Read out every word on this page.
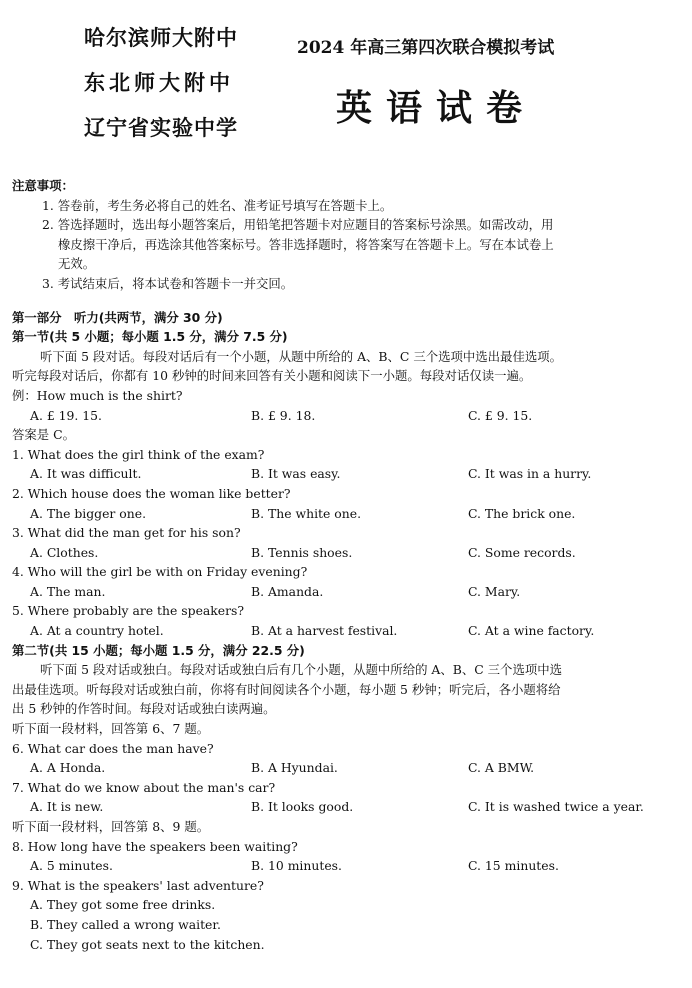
哈尔滨师大附中
东北师大附中
辽宁省实验中学
2024 年高三第四次联合模拟考试
英语试卷
注意事项：
1. 答卷前，考生务必将自己的姓名、准考证号填写在答题卡上。
2. 答选择题时，选出每小题答案后，用铅笔把答题卡对应题目的答案标号涂黑。如需改动，用
橡皮擦干净后，再选涂其他答案标号。答非选择题时，将答案写在答题卡上。写在本试卷上
无效。
3. 考试结束后，将本试卷和答题卡一并交回。
第一部分　听力(共两节，满分 30 分)
第一节(共 5 小题；每小题 1.5 分，满分 7.5 分)
听下面 5 段对话。每段对话后有一个小题，从题中所给的 A、B、C 三个选项中选出最佳选项。
听完每段对话后，你都有 10 秒钟的时间来回答有关小题和阅读下一小题。每段对话仅读一遍。
例：How much is the shirt?
A. £ 19. 15.	B. £ 9. 18.	C. £ 9. 15.
答案是 C。
1. What does the girl think of the exam?
A. It was difficult.	B. It was easy.	C. It was in a hurry.
2. Which house does the woman like better?
A. The bigger one.	B. The white one.	C. The brick one.
3. What did the man get for his son?
A. Clothes.	B. Tennis shoes.	C. Some records.
4. Who will the girl be with on Friday evening?
A. The man.	B. Amanda.	C. Mary.
5. Where probably are the speakers?
A. At a country hotel.	B. At a harvest festival.	C. At a wine factory.
第二节(共 15 小题；每小题 1.5 分，满分 22.5 分)
听下面 5 段对话或独白。每段对话或独白后有几个小题，从题中所给的 A、B、C 三个选项中选
出最佳选项。听每段对话或独白前，你将有时间阅读各个小题，每小题 5 秒钟；听完后，各小题将给
出 5 秒钟的作答时间。每段对话或独白读两遍。
听下面一段材料，回答第 6、7 题。
6. What car does the man have?
A. A Honda.	B. A Hyundai.	C. A BMW.
7. What do we know about the man's car?
A. It is new.	B. It looks good.	C. It is washed twice a year.
听下面一段材料，回答第 8、9 题。
8. How long have the speakers been waiting?
A. 5 minutes.	B. 10 minutes.	C. 15 minutes.
9. What is the speakers' last adventure?
A. They got some free drinks.
B. They called a wrong waiter.
C. They got seats next to the kitchen.
